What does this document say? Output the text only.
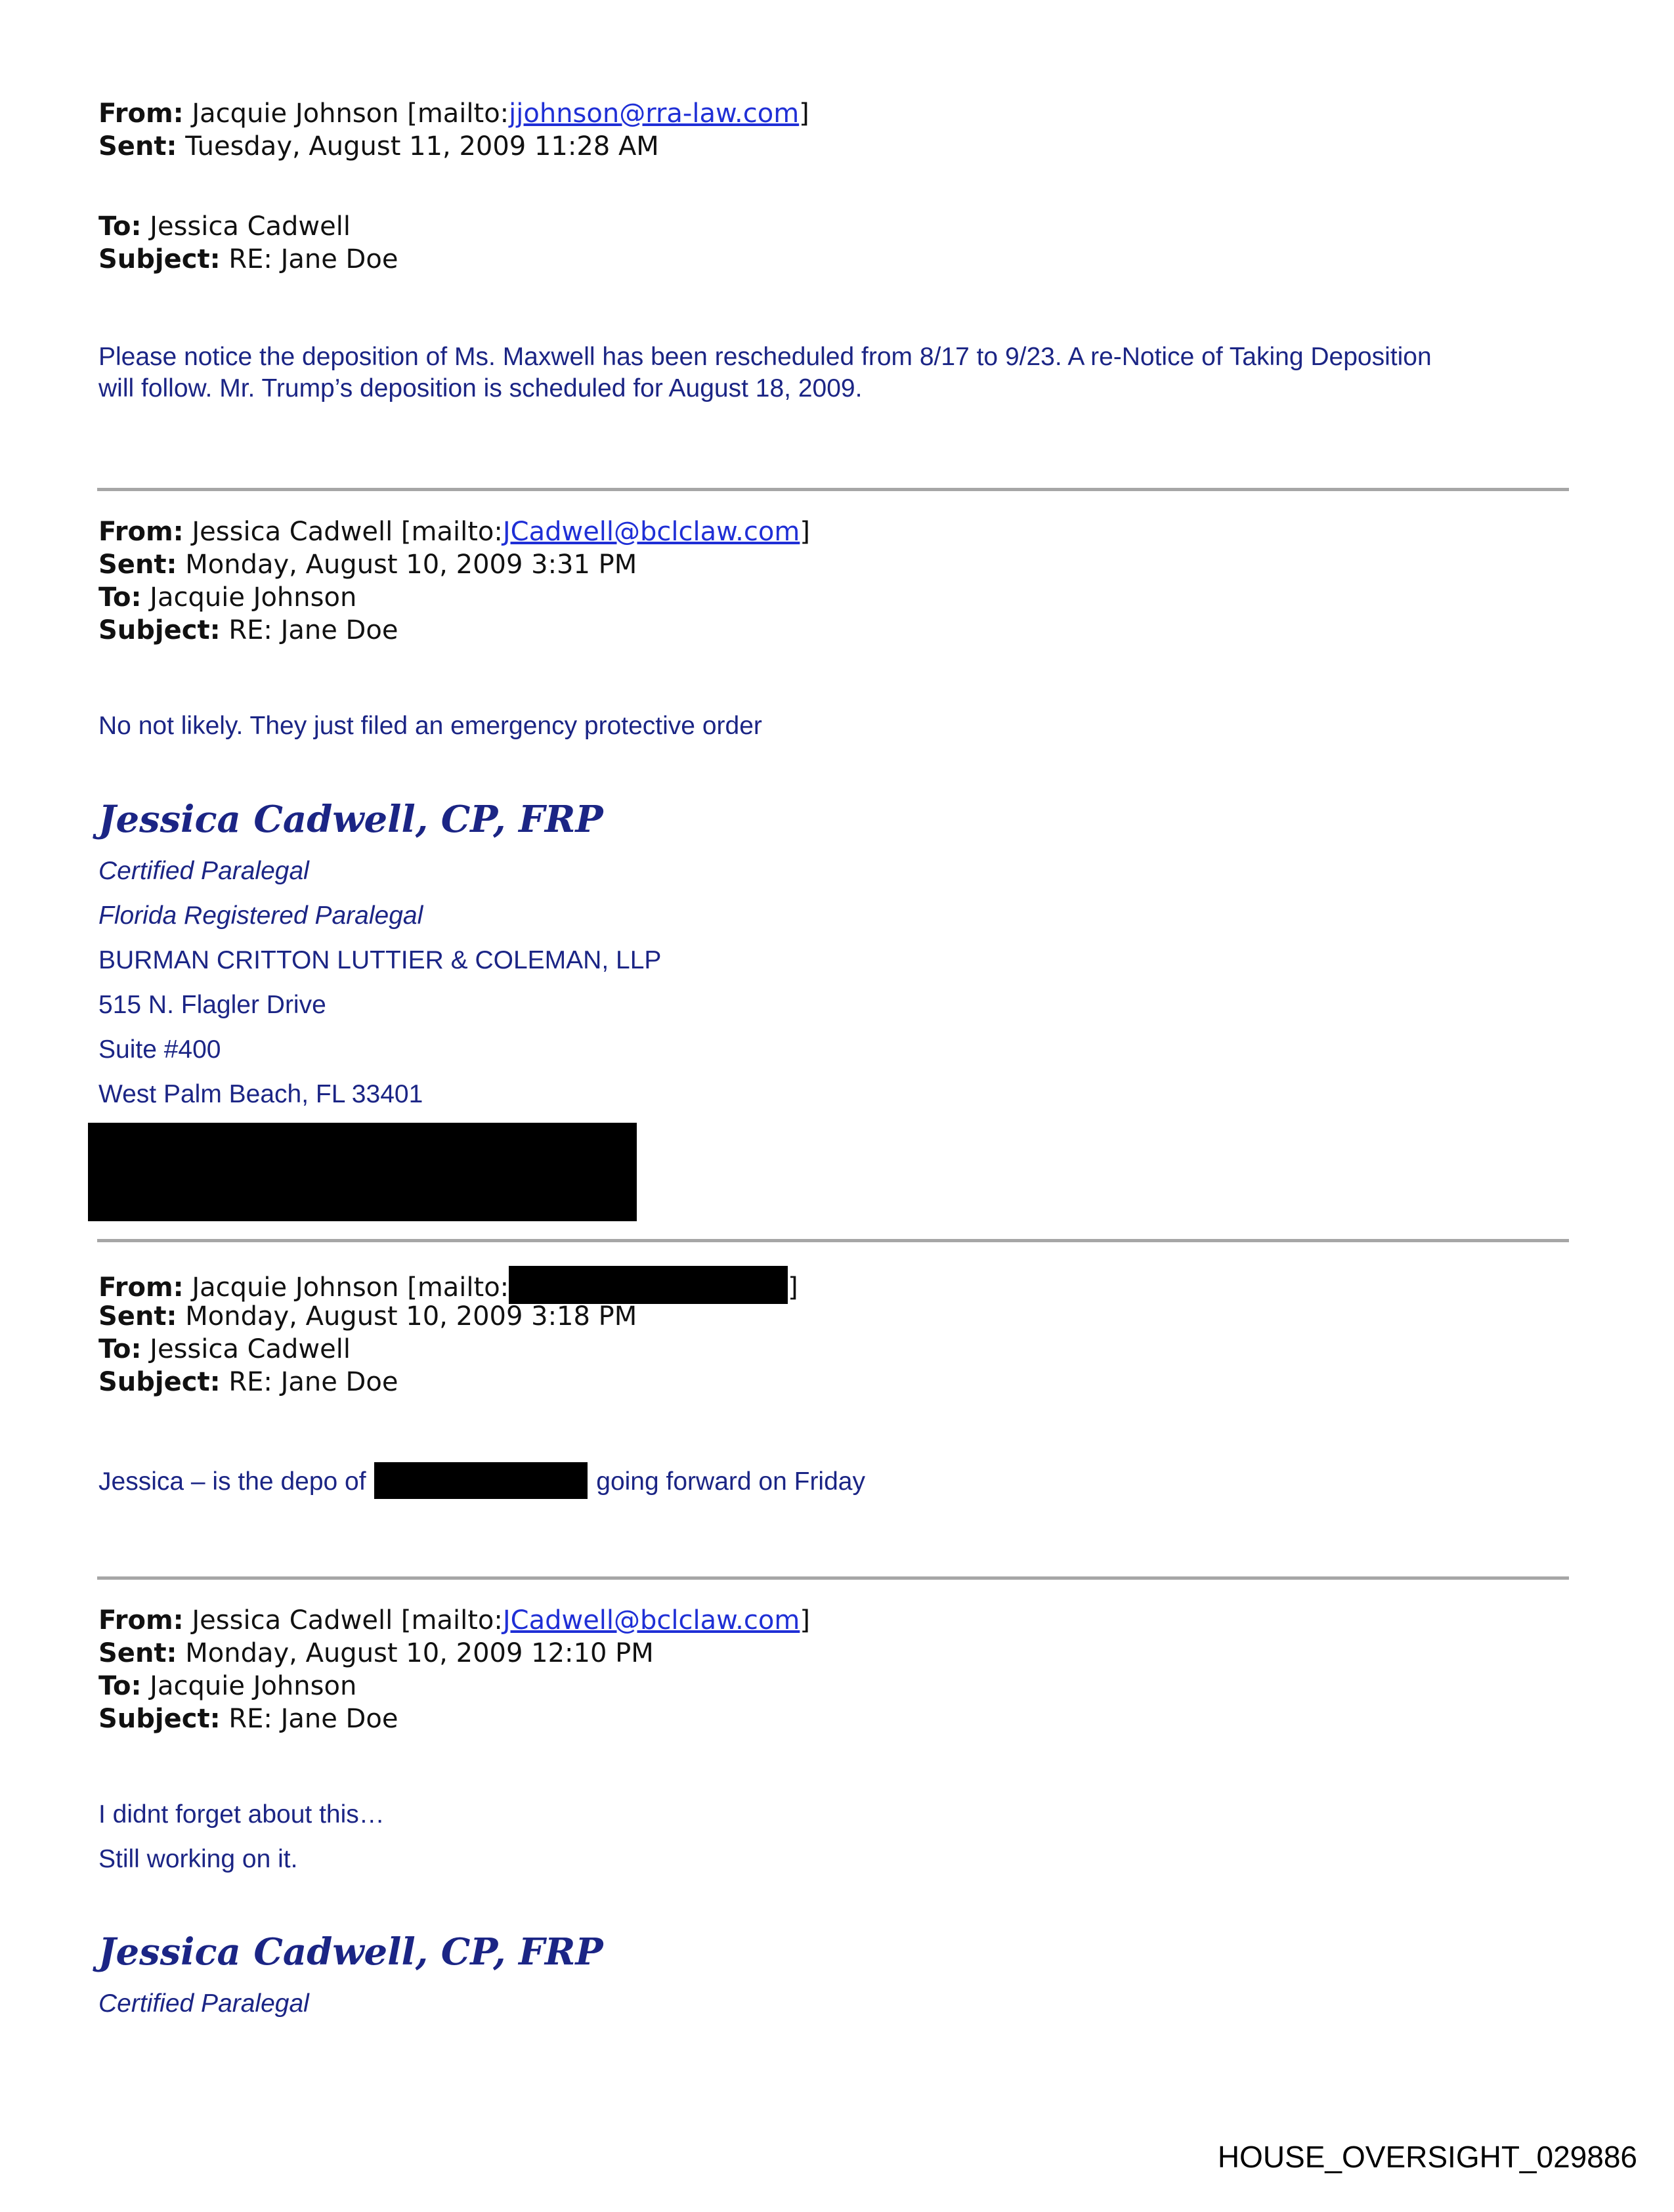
From: Jacquie Johnson [mailto:jjohnson@rra-law.com]
Sent: Tuesday, August 11, 2009 11:28 AM
To: Jessica Cadwell
Subject: RE: Jane Doe
Please notice the deposition of Ms. Maxwell has been rescheduled from 8/17 to 9/23. A re-Notice of Taking Deposition
will follow. Mr. Trump’s deposition is scheduled for August 18, 2009.
From: Jessica Cadwell [mailto:JCadwell@bclclaw.com]
Sent: Monday, August 10, 2009 3:31 PM
To: Jacquie Johnson
Subject: RE: Jane Doe
No not likely. They just filed an emergency protective order
Jessica Cadwell, CP, FRP
Certified Paralegal
Florida Registered Paralegal
BURMAN CRITTON LUTTIER & COLEMAN, LLP
515 N. Flagler Drive
Suite #400
West Palm Beach, FL 33401
From: Jacquie Johnson [mailto:	]
Sent: Monday, August 10, 2009 3:18 PM
To: Jessica Cadwell
Subject: RE: Jane Doe
Jessica – is the depo of	going forward on Friday
From: Jessica Cadwell [mailto:JCadwell@bclclaw.com]
Sent: Monday, August 10, 2009 12:10 PM
To: Jacquie Johnson
Subject: RE: Jane Doe
I didnt forget about this…
Still working on it.
Jessica Cadwell, CP, FRP
Certified Paralegal
HOUSE_OVERSIGHT_029886
